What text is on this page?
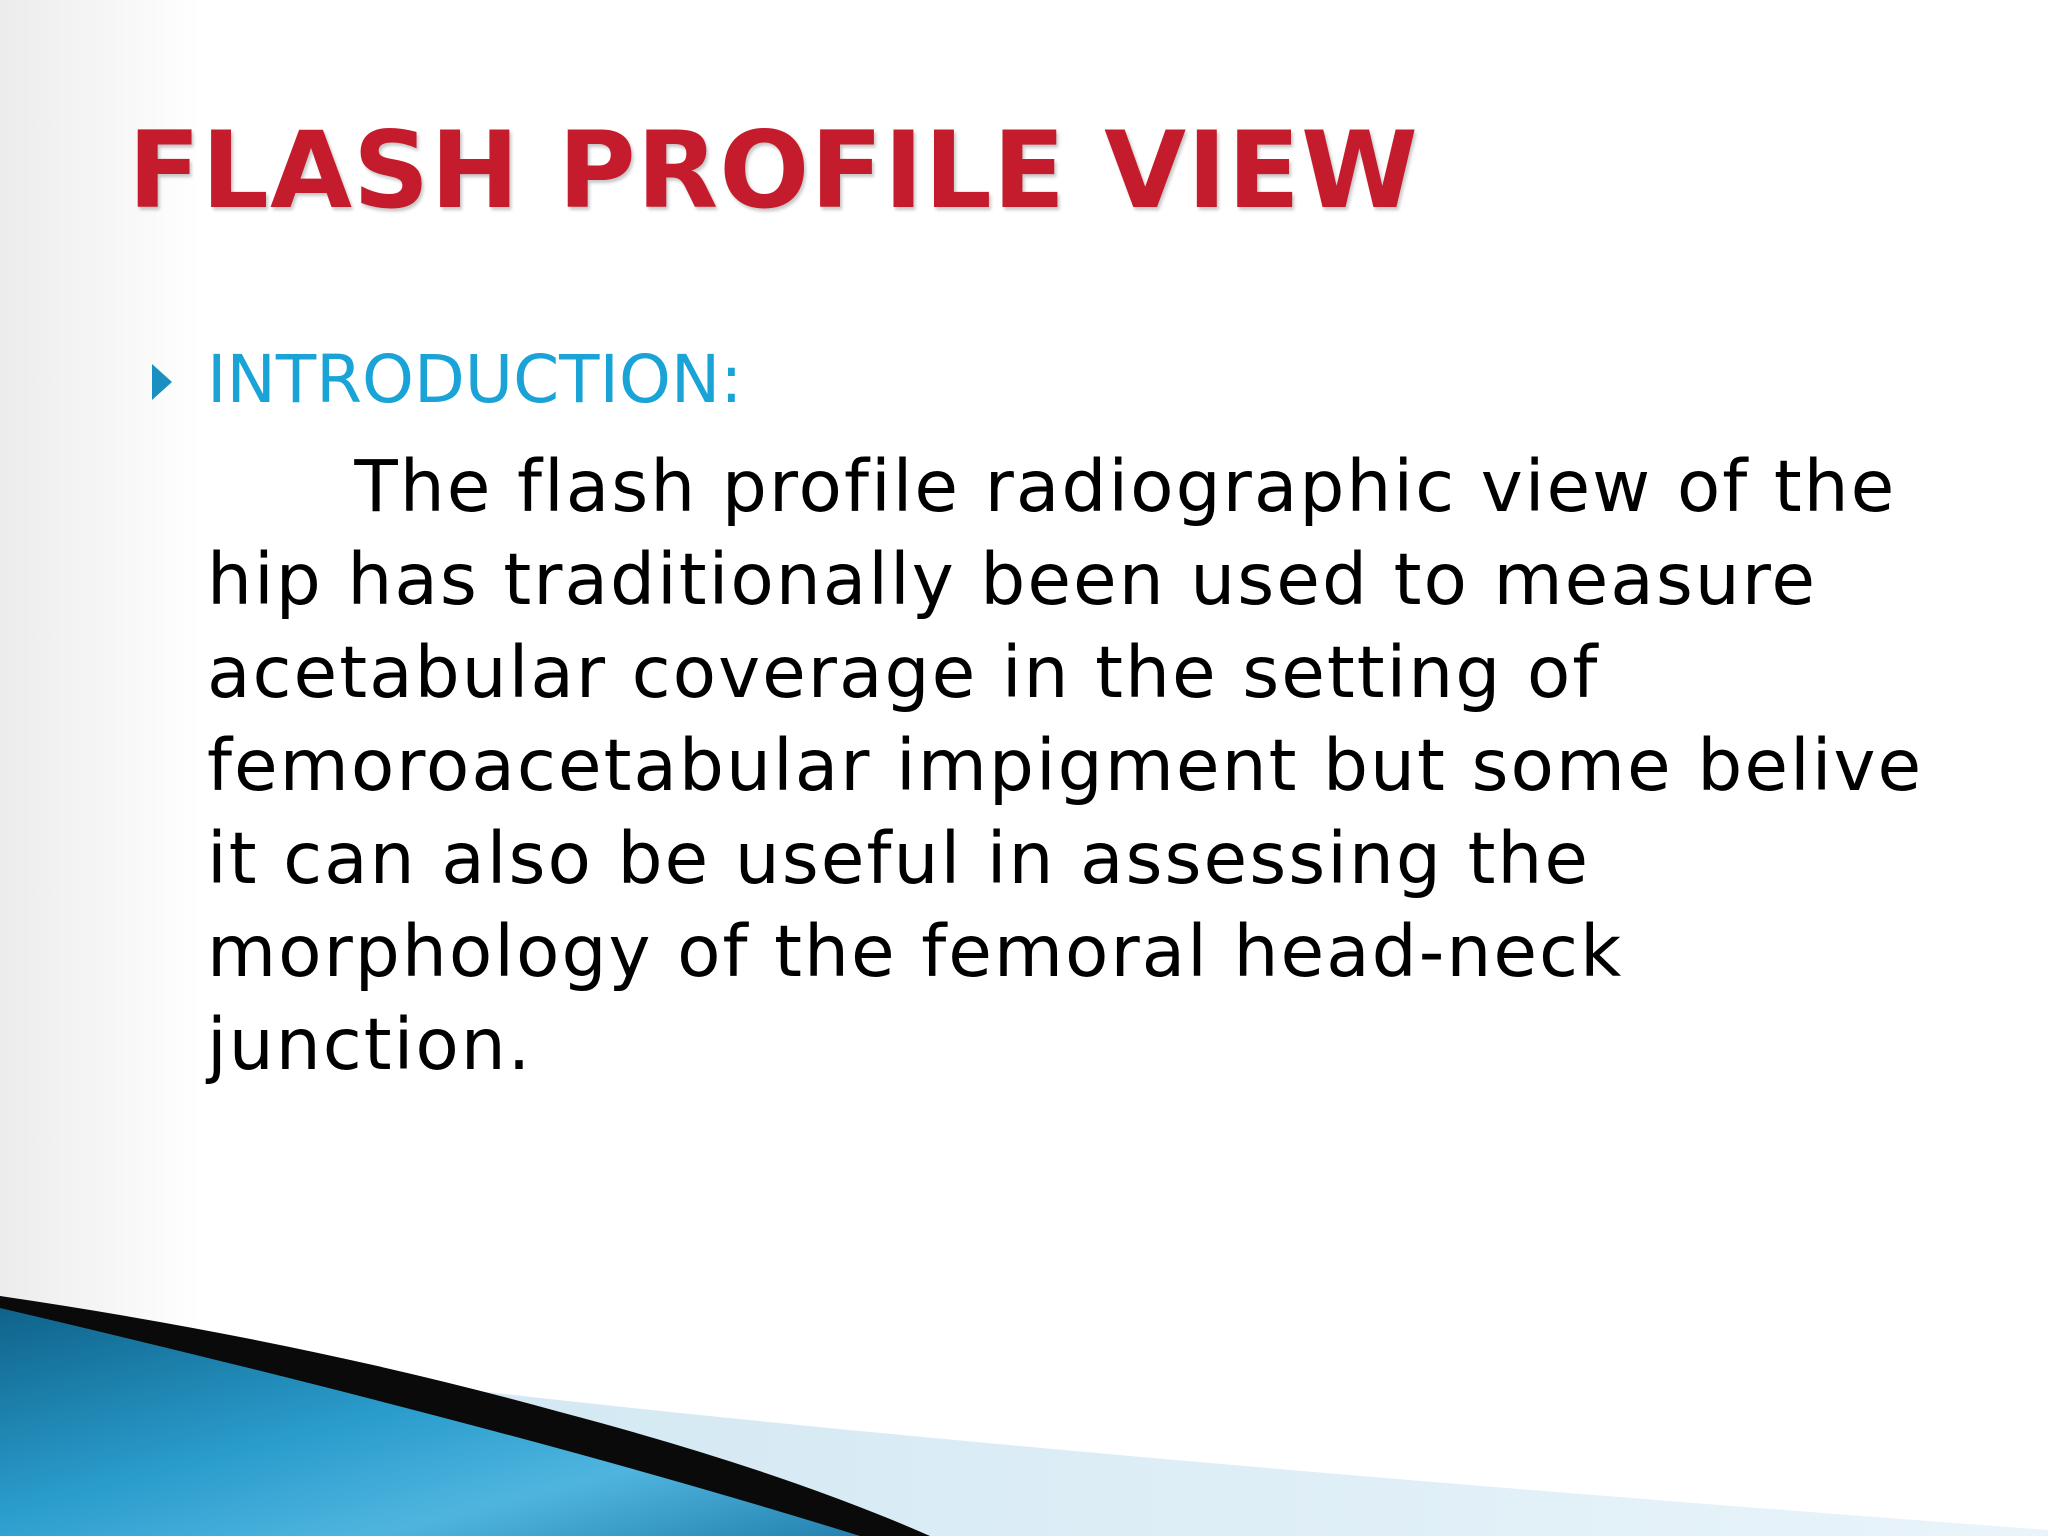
FLASH PROFILE VIEW
INTRODUCTION:
The flash profile radiographic view of the
hip has traditionally been used to measure
acetabular coverage in the setting of
femoroacetabular impigment but some belive
it can also be useful in assessing the
morphology of the femoral head-neck
junction.
